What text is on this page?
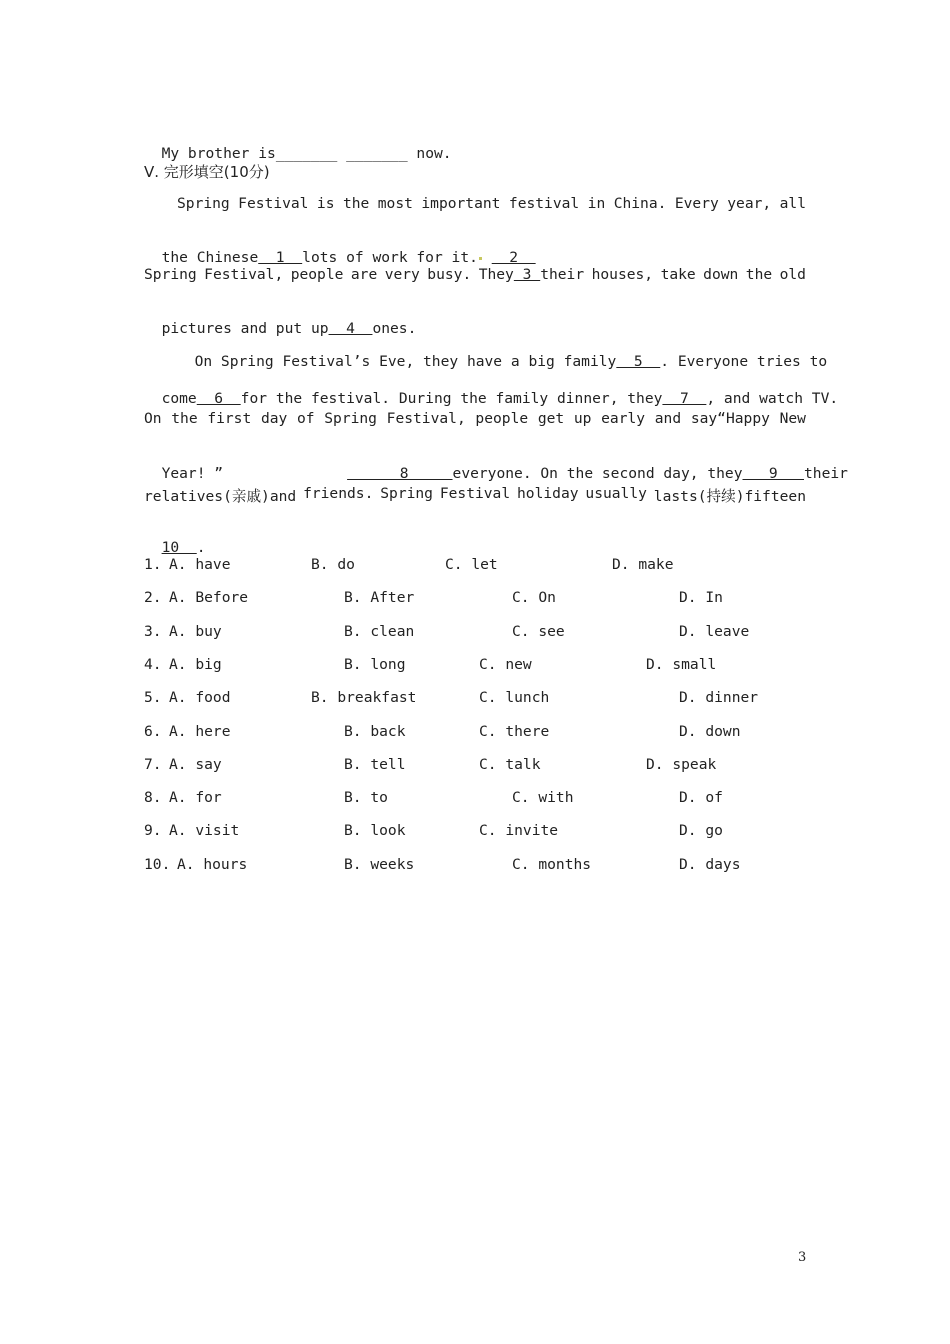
My brother is_______ _______ now.

Ⅴ. 完形填空(10分)
Spring Festival is the most important festival in China. Every year, all

the Chinese  1  lots of work for it.   2

Spring Festival, people are very busy. They 3 their houses, take down the old

pictures and put up  4  ones.

On Spring Festival’s Eve, they have a big family  5  . Everyone tries to

come  6  for the festival. During the family dinner, they  7  , and watch TV.

On the first day of Spring Festival, people get up early and say“Happy New

Year! ”	8     everyone. On the second day, they   9   their

relatives(亲戚)and friends. Spring Festival holiday usually lasts(持续)fifteen

10  .

1. A. have	B. do	C. let	D. make
2. A. Before	B. After	C. On	D. In
3. A. buy	B. clean	C. see	D. leave
4. A. big	B. long	C. new	D. small
5. A. food	B. breakfast	C. lunch	D. dinner
6. A. here	B. back	C. there	D. down
7. A. say	B. tell	C. talk	D. speak
8. A. for	B. to	C. with	D. of
9. A. visit	B. look	C. invite	D. go
10. A. hours	B. weeks	C. months	D. days
3
